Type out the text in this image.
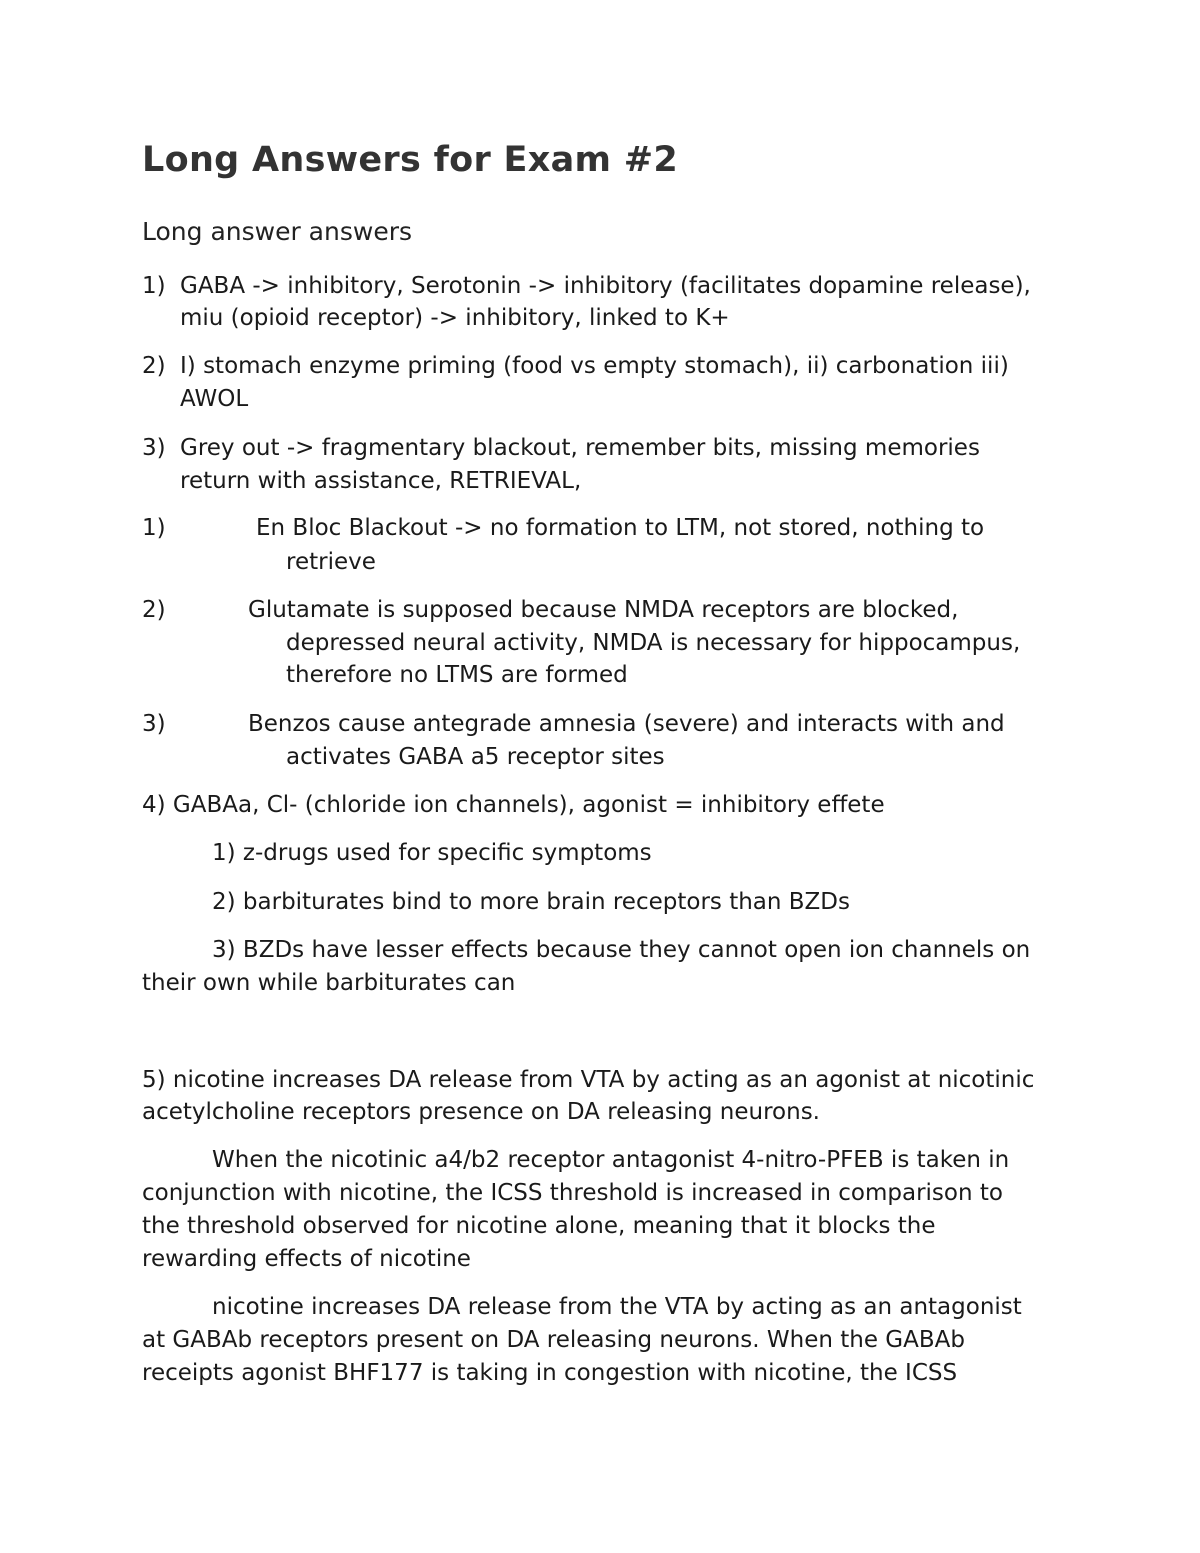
Long Answers for Exam #2
Long answer answers
1) GABA -> inhibitory, Serotonin -> inhibitory (facilitates dopamine release),
miu (opioid receptor) -> inhibitory, linked to K+
2) I) stomach enzyme priming (food vs empty stomach), ii) carbonation iii)
AWOL
3) Grey out -> fragmentary blackout, remember bits, missing memories
return with assistance, RETRIEVAL,
1)	En Bloc Blackout -> no formation to LTM, not stored, nothing to
retrieve
2)	Glutamate is supposed because NMDA receptors are blocked,
depressed neural activity, NMDA is necessary for hippocampus,
therefore no LTMS are formed
3)	Benzos cause antegrade amnesia (severe) and interacts with and
activates GABA a5 receptor sites
4) GABAa, Cl- (chloride ion channels), agonist = inhibitory effete
1) z-drugs used for specific symptoms
2) barbiturates bind to more brain receptors than BZDs
3) BZDs have lesser effects because they cannot open ion channels on
their own while barbiturates can
5) nicotine increases DA release from VTA by acting as an agonist at nicotinic
acetylcholine receptors presence on DA releasing neurons.
When the nicotinic a4/b2 receptor antagonist 4-nitro-PFEB is taken in
conjunction with nicotine, the ICSS threshold is increased in comparison to
the threshold observed for nicotine alone, meaning that it blocks the
rewarding effects of nicotine
nicotine increases DA release from the VTA by acting as an antagonist
at GABAb receptors present on DA releasing neurons. When the GABAb
receipts agonist BHF177 is taking in congestion with nicotine, the ICSS
